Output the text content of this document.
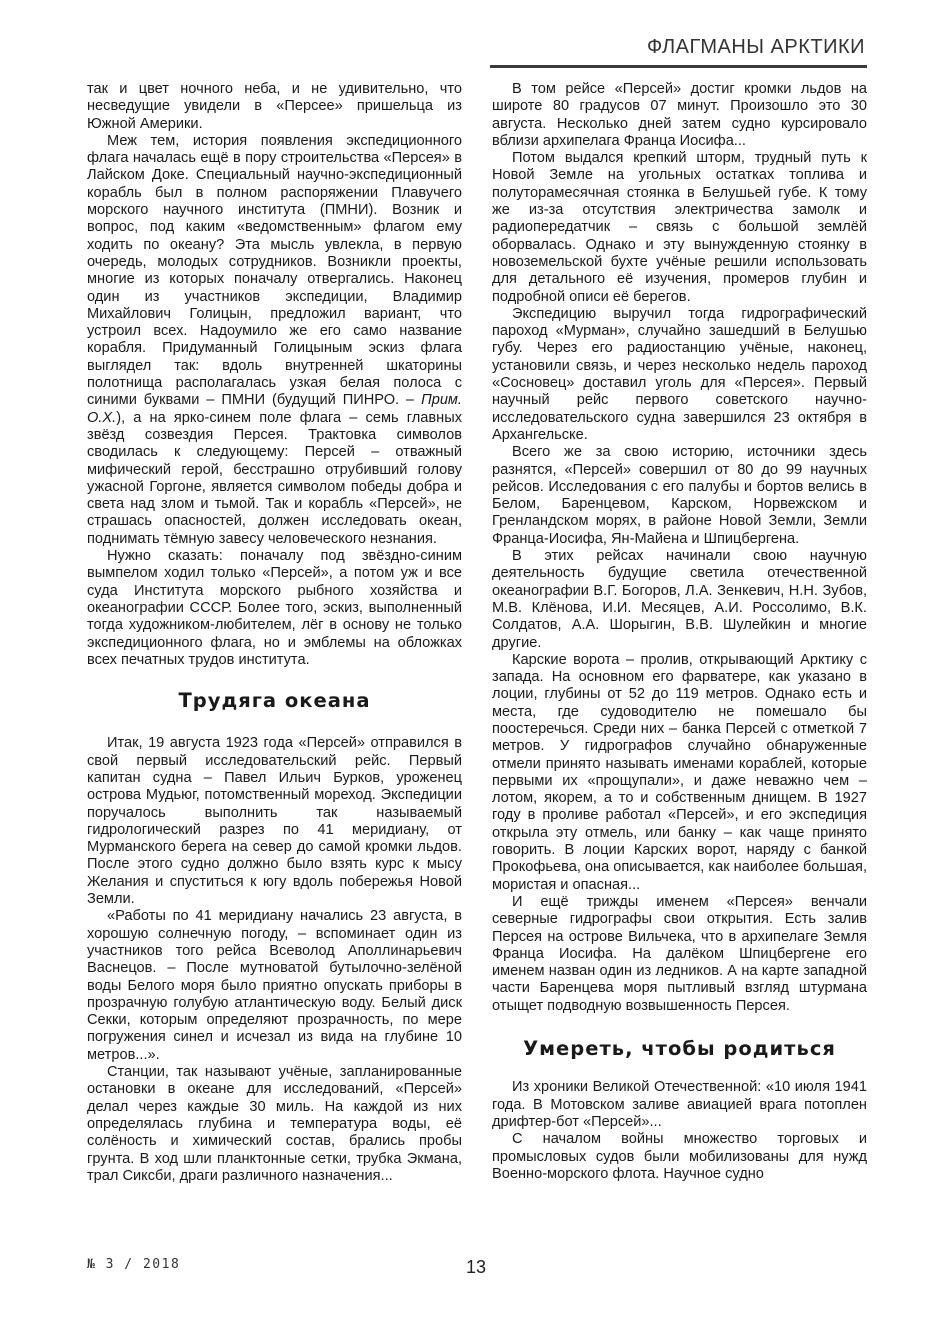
ФЛАГМАНЫ АРКТИКИ

так и цвет ночного неба, и не удивительно, что несведущие увидели в «Персее» пришельца из Южной Америки.

Меж тем, история появления экспедиционного флага началась ещё в пору строительства «Персея» в Лайском Доке. Специальный научно-экспедиционный корабль был в полном распоряжении Плавучего морского научного института (ПМНИ). Возник и вопрос, под каким «ведомственным» флагом ему ходить по океану? Эта мысль увлекла, в первую очередь, молодых сотрудников. Возникли проекты, многие из которых поначалу отвергались. Наконец один из участников экспедиции, Владимир Михайлович Голицын, предложил вариант, что устроил всех. Надоумило же его само название корабля. Придуманный Голицыным эскиз флага выглядел так: вдоль внутренней шкаторины полотнища располагалась узкая белая полоса с синими буквами – ПМНИ (будущий ПИНРО. – Прим. О.Х.), а на ярко-синем поле флага – семь главных звёзд созвездия Персея. Трактовка символов сводилась к следующему: Персей – отважный мифический герой, бесстрашно отрубивший голову ужасной Горгоне, является символом победы добра и света над злом и тьмой. Так и корабль «Персей», не страшась опасностей, должен исследовать океан, поднимать тёмную завесу человеческого незнания.

Нужно сказать: поначалу под звёздно-синим вымпелом ходил только «Персей», а потом уж и все суда Института морского рыбного хозяйства и океанографии СССР. Более того, эскиз, выполненный тогда художником-любителем, лёг в основу не только экспедиционного флага, но и эмблемы на обложках всех печатных трудов института.

Трудяга океана

Итак, 19 августа 1923 года «Персей» отправился в свой первый исследовательский рейс. Первый капитан судна – Павел Ильич Бурков, уроженец острова Мудьюг, потомственный мореход. Экспедиции поручалось выполнить так называемый гидрологический разрез по 41 меридиану, от Мурманского берега на север до самой кромки льдов. После этого судно должно было взять курс к мысу Желания и спуститься к югу вдоль побережья Новой Земли.

«Работы по 41 меридиану начались 23 августа, в хорошую солнечную погоду, – вспоминает один из участников того рейса Всеволод Аполлинарьевич Васнецов. – После мутноватой бутылочно-зелёной воды Белого моря было приятно опускать приборы в прозрачную голубую атлантическую воду. Белый диск Секки, которым определяют прозрачность, по мере погружения синел и исчезал из вида на глубине 10 метров...».

Станции, так называют учёные, запланированные остановки в океане для исследований, «Персей» делал через каждые 30 миль. На каждой из них определялась глубина и температура воды, её солёность и химический состав, брались пробы грунта. В ход шли планктонные сетки, трубка Экмана, трал Сиксби, драги различного назначения...

В том рейсе «Персей» достиг кромки льдов на широте 80 градусов 07 минут. Произошло это 30 августа. Несколько дней затем судно курсировало вблизи архипелага Франца Иосифа...

Потом выдался крепкий шторм, трудный путь к Новой Земле на угольных остатках топлива и полуторамесячная стоянка в Белушьей губе. К тому же из-за отсутствия электричества замолк и радиопередатчик – связь с большой землёй оборвалась. Однако и эту вынужденную стоянку в новоземельской бухте учёные решили использовать для детального её изучения, промеров глубин и подробной описи её берегов.

Экспедицию выручил тогда гидрографический пароход «Мурман», случайно зашедший в Белушью губу. Через его радиостанцию учёные, наконец, установили связь, и через несколько недель пароход «Сосновец» доставил уголь для «Персея». Первый научный рейс первого советского научно-исследовательского судна завершился 23 октября в Архангельске.

Всего же за свою историю, источники здесь разнятся, «Персей» совершил от 80 до 99 научных рейсов. Исследования с его палубы и бортов велись в Белом, Баренцевом, Карском, Норвежском и Гренландском морях, в районе Новой Земли, Земли Франца-Иосифа, Ян-Майена и Шпицбергена.

В этих рейсах начинали свою научную деятельность будущие светила отечественной океанографии В.Г. Богоров, Л.А. Зенкевич, Н.Н. Зубов, М.В. Клёнова, И.И. Месяцев, А.И. Россолимо, В.К. Солдатов, А.А. Шорыгин, В.В. Шулейкин и многие другие.

Карские ворота – пролив, открывающий Арктику с запада. На основном его фарватере, как указано в лоции, глубины от 52 до 119 метров. Однако есть и места, где судоводителю не помешало бы поостеречься. Среди них – банка Персей с отметкой 7 метров. У гидрографов случайно обнаруженные отмели принято называть именами кораблей, которые первыми их «прощупали», и даже неважно чем – лотом, якорем, а то и собственным днищем. В 1927 году в проливе работал «Персей», и его экспедиция открыла эту отмель, или банку – как чаще принято говорить. В лоции Карских ворот, наряду с банкой Прокофьева, она описывается, как наиболее большая, мористая и опасная...

И ещё трижды именем «Персея» венчали северные гидрографы свои открытия. Есть залив Персея на острове Вильчека, что в архипелаге Земля Франца Иосифа. На далёком Шпицбергене его именем назван один из ледников. А на карте западной части Баренцева моря пытливый взгляд штурмана отыщет подводную возвышенность Персея.

Умереть, чтобы родиться

Из хроники Великой Отечественной: «10 июля 1941 года. В Мотовском заливе авиацией врага потоплен дрифтер-бот «Персей»...

С началом войны множество торговых и промысловых судов были мобилизованы для нужд Военно-морского флота. Научное судно

№ 3 / 2018	13
